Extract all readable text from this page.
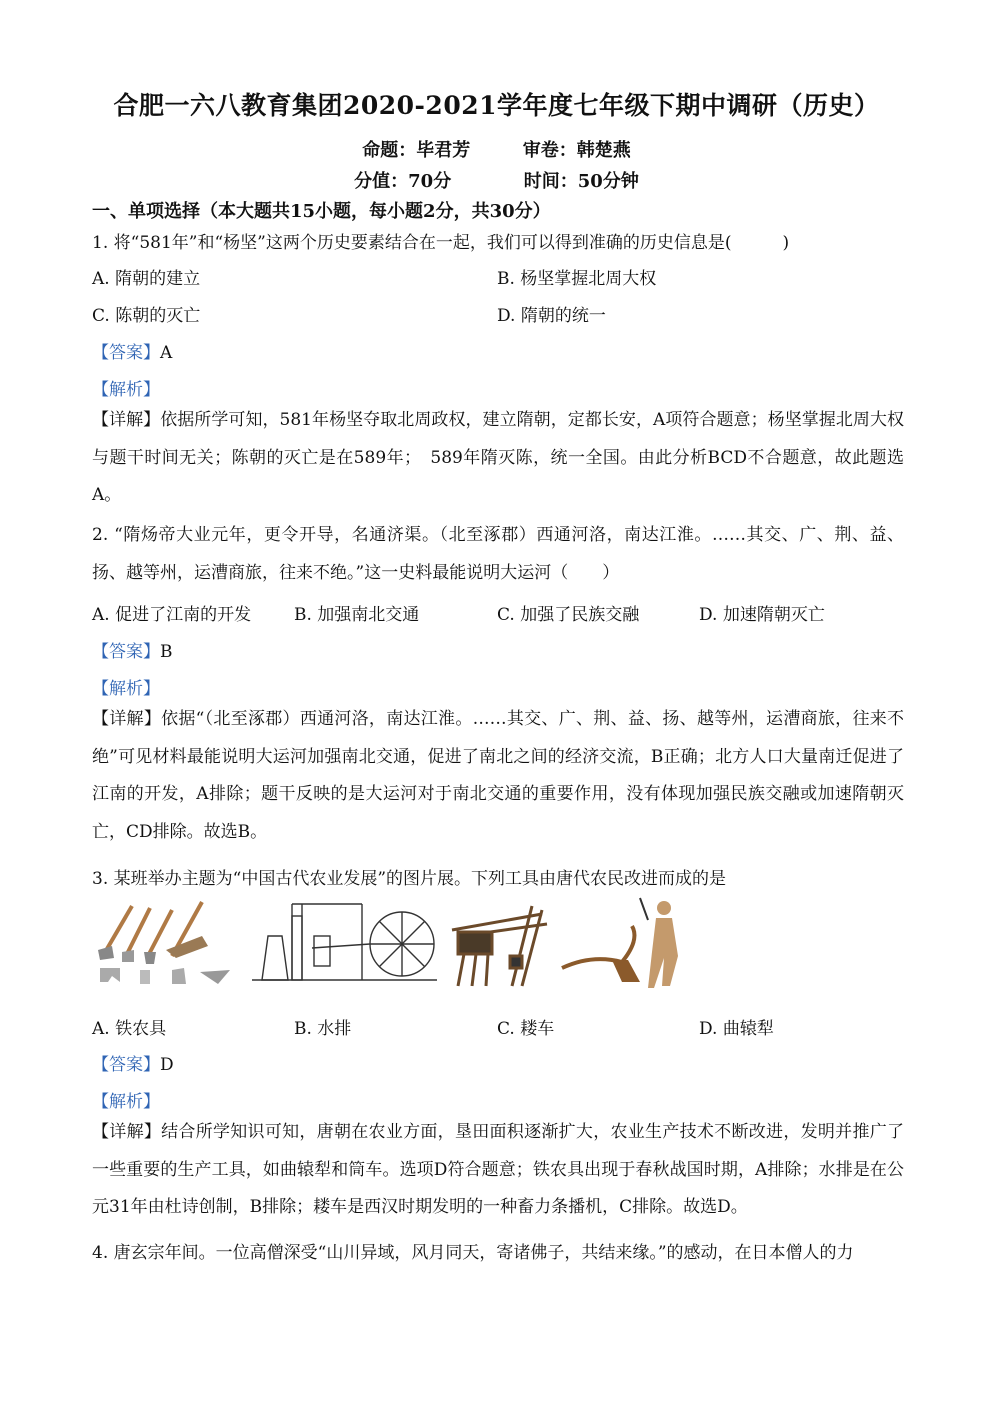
合肥一六八教育集团2020-2021学年度七年级下期中调研（历史）
命题：毕君芳	审卷：韩楚燕
分值：70分	时间：50分钟
一、单项选择（本大题共15小题，每小题2分，共30分）
1. 将“581年”和“杨坚”这两个历史要素结合在一起，我们可以得到准确的历史信息是(　　　)
A. 隋朝的建立	B. 杨坚掌握北周大权
C. 陈朝的灭亡	D. 隋朝的统一
【答案】A
【解析】
【详解】依据所学可知，581年杨坚夺取北周政权，建立隋朝，定都长安，A项符合题意；杨坚掌握北周大权与题干时间无关；陈朝的灭亡是在589年；　589年隋灭陈，统一全国。由此分析BCD不合题意，故此题选A。
2. “隋炀帝大业元年，更令开导，名通济渠。（北至涿郡）西通河洛，南达江淮。……其交、广、荆、益、扬、越等州，运漕商旅，往来不绝。”这一史料最能说明大运河（　　）
A. 促进了江南的开发	B. 加强南北交通	C. 加强了民族交融	D. 加速隋朝灭亡
【答案】B
【解析】
【详解】依据“（北至涿郡）西通河洛，南达江淮。……其交、广、荆、益、扬、越等州，运漕商旅，往来不绝”可见材料最能说明大运河加强南北交通，促进了南北之间的经济交流，B正确；北方人口大量南迁促进了江南的开发，A排除；题干反映的是大运河对于南北交通的重要作用，没有体现加强民族交融或加速隋朝灭亡，CD排除。故选B。
3. 某班举办主题为“中国古代农业发展”的图片展。下列工具由唐代农民改进而成的是
A. 铁农具	B. 水排	C. 耧车	D. 曲辕犁
【答案】D
【解析】
【详解】结合所学知识可知，唐朝在农业方面，垦田面积逐渐扩大，农业生产技术不断改进，发明并推广了一些重要的生产工具，如曲辕犁和筒车。选项D符合题意；铁农具出现于春秋战国时期，A排除；水排是在公元31年由杜诗创制，B排除；耧车是西汉时期发明的一种畜力条播机，C排除。故选D。
4. 唐玄宗年间。一位高僧深受“山川异域，风月同天，寄诸佛子，共结来缘。”的感动，在日本僧人的力
